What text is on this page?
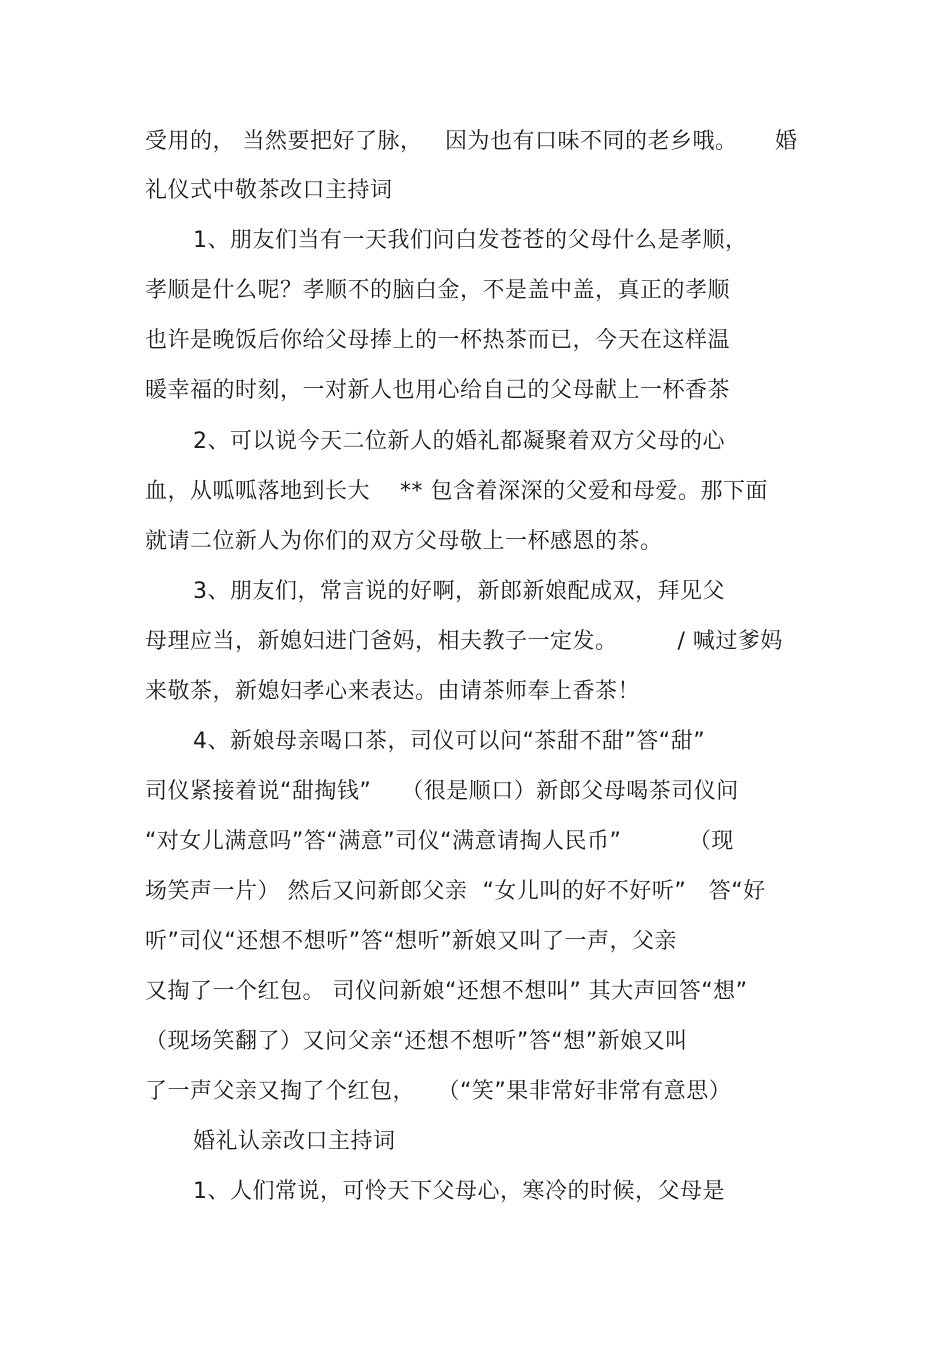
受用的， 当然要把好了脉，   因为也有口味不同的老乡哦。     婚
礼仪式中敬茶改口主持词
1、朋友们当有一天我们问白发苍苍的父母什么是孝顺，
孝顺是什么呢？孝顺不的脑白金，不是盖中盖，真正的孝顺
也许是晚饭后你给父母捧上的一杯热茶而已，今天在这样温
暖幸福的时刻，一对新人也用心给自己的父母献上一杯香茶
2、可以说今天二位新人的婚礼都凝聚着双方父母的心
血，从呱呱落地到长大    ** 包含着深深的父爱和母爱。那下面
就请二位新人为你们的双方父母敬上一杯感恩的茶。
3、朋友们，常言说的好啊，新郎新娘配成双，拜见父
母理应当，新媳妇进门爸妈，相夫教子一定发。        / 喊过爹妈
来敬茶，新媳妇孝心来表达。由请茶师奉上香茶！
4、新娘母亲喝口茶，司仪可以问“茶甜不甜”答“甜”
司仪紧接着说“甜掏钱”    （很是顺口）新郎父母喝茶司仪问
“对女儿满意吗”答“满意”司仪“满意请掏人民币”         （现
场笑声一片） 然后又问新郎父亲  “女儿叫的好不好听”   答“好
听”司仪“还想不想听”答“想听”新娘又叫了一声，父亲
又掏了一个红包。 司仪问新娘“还想不想叫” 其大声回答“想”
（现场笑翻了）又问父亲“还想不想听”答“想”新娘又叫
了一声父亲又掏了个红包，   （“笑”果非常好非常有意思）
婚礼认亲改口主持词
1、人们常说，可怜天下父母心，寒冷的时候，父母是
